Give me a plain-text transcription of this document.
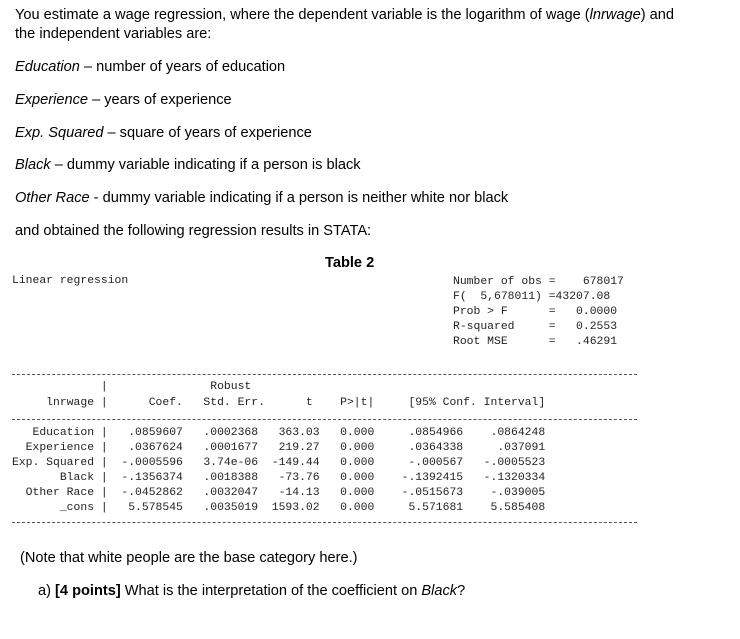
You estimate a wage regression, where the dependent variable is the logarithm of wage (lnrwage) and
the independent variables are:
Education – number of years of education
Experience – years of experience
Exp. Squared – square of years of experience
Black – dummy variable indicating if a person is black
Other Race - dummy variable indicating if a person is neither white nor black
and obtained the following regression results in STATA:
Table 2
Linear regression	Number of obs =    678017
F(  5,678011) =43207.08
Prob > F      =   0.0000
R-squared     =   0.2553
Root MSE      =   .46291
|               Robust
lnrwage |      Coef.   Std. Err.      t    P>|t|     [95% Conf. Interval]
Education |   .0859607   .0002368   363.03   0.000     .0854966    .0864248
Experience |   .0367624   .0001677   219.27   0.000     .0364338     .037091
Exp. Squared |  -.0005596   3.74e-06  -149.44   0.000     -.000567   -.0005523
Black |  -.1356374   .0018388   -73.76   0.000    -.1392415   -.1320334
Other Race |  -.0452862   .0032047   -14.13   0.000    -.0515673    -.039005
_cons |   5.578545   .0035019  1593.02   0.000     5.571681    5.585408
(Note that white people are the base category here.)
a) [4 points] What is the interpretation of the coefficient on Black?
